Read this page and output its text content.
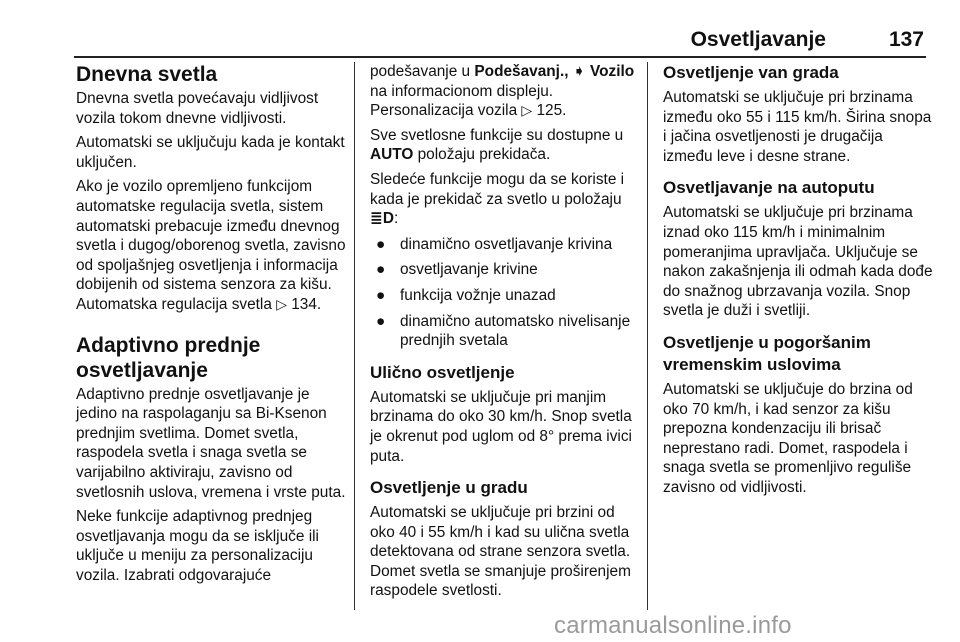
Osvetljavanje	137
Dnevna svetla

Dnevna svetla povećavaju vidljivost vozila tokom dnevne vidljivosti.

Automatski se uključuju kada je kontakt uključen.

Ako je vozilo opremljeno funkcijom automatske regulacija svetla, sistem automatski prebacuje između dnevnog svetla i dugog/oborenog svetla, zavisno od spoljašnjeg osvetljenja i informacija dobijenih od sistema senzora za kišu. Automatska regulacija svetla ▷ 134.

Adaptivno prednje osvetljavanje

Adaptivno prednje osvetljavanje je jedino na raspolaganju sa Bi-Ksenon prednjim svetlima. Domet svetla, raspodela svetla i snaga svetla se varijabilno aktiviraju, zavisno od svetlosnih uslova, vremena i vrste puta.

Neke funkcije adaptivnog prednjeg osvetljavanja mogu da se isključe ili uključe u meniju za personalizaciju vozila. Izabrati odgovarajuće

podešavanje u Podešavanj., ➧ Vozilo na informacionom displeju. Personalizacija vozila ▷ 125.

Sve svetlosne funkcije su dostupne u AUTO položaju prekidača.

Sledeće funkcije mogu da se koriste i kada je prekidač za svetlo u položaju ≣D:

● dinamično osvetljavanje krivina
● osvetljavanje krivine
● funkcija vožnje unazad
● dinamično automatsko nivelisanje prednjih svetala
Ulično osvetljenje

Automatski se uključuje pri manjim brzinama do oko 30 km/h. Snop svetla je okrenut pod uglom od 8° prema ivici puta.

Osvetljenje u gradu

Automatski se uključuje pri brzini od oko 40 i 55 km/h i kad su ulična svetla detektovana od strane senzora svetla. Domet svetla se smanjuje proširenjem raspodele svetlosti.

Osvetljenje van grada

Automatski se uključuje pri brzinama između oko 55 i 115 km/h. Širina snopa i jačina osvetljenosti je drugačija između leve i desne strane.

Osvetljavanje na autoputu

Automatski se uključuje pri brzinama iznad oko 115 km/h i minimalnim pomeranjima upravljača. Uključuje se nakon zakašnjenja ili odmah kada dođe do snažnog ubrzavanja vozila. Snop svetla je duži i svetliji.

Osvetljenje u pogoršanim vremenskim uslovima

Automatski se uključuje do brzina od oko 70 km/h, i kad senzor za kišu prepozna kondenzaciju ili brisač neprestano radi. Domet, raspodela i snaga svetla se promenljivo reguliše zavisno od vidljivosti.

carmanualsonline.info
